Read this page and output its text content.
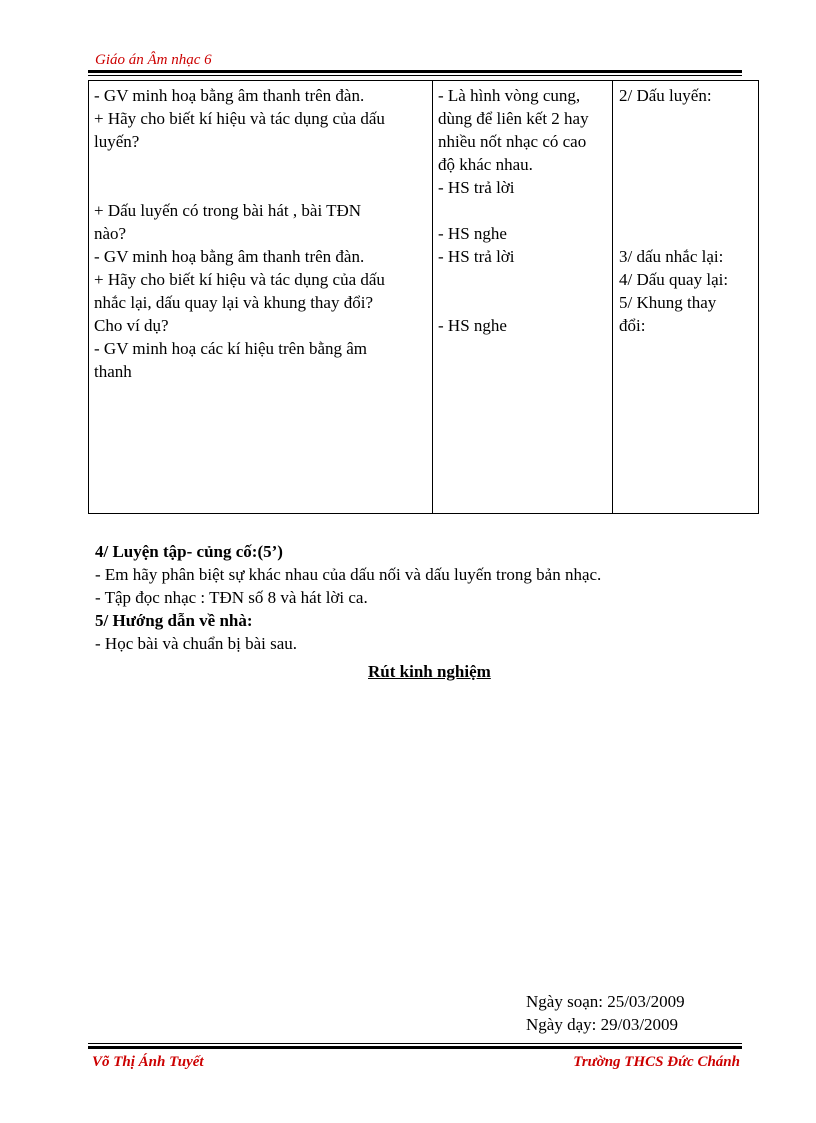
Giáo án Âm nhạc 6
- GV minh hoạ bằng âm thanh trên đàn.
+ Hãy cho biết kí hiệu và tác dụng của dấu
luyến?
+ Dấu luyến có trong bài hát , bài TĐN
nào?
- GV minh hoạ bằng âm thanh trên đàn.
+ Hãy cho biết kí hiệu và tác dụng của dấu
nhắc lại, dấu quay lại và khung thay đổi?
Cho ví dụ?
- GV minh hoạ các kí hiệu trên bằng âm
thanh
- Là hình vòng cung,
dùng để liên kết 2 hay
nhiều nốt nhạc có cao
độ khác nhau.
- HS trả lời
- HS nghe
- HS trả lời
- HS nghe
2/ Dấu luyến:
3/ dấu nhắc lại:
4/ Dấu quay lại:
5/ Khung thay
đổi:
4/ Luyện tập- củng cố:(5’)
- Em hãy phân biệt sự khác nhau của dấu nối và dấu luyến trong bản nhạc.
- Tập đọc nhạc : TĐN số 8 và hát lời ca.
5/ Hướng dẫn về nhà:
- Học bài và chuẩn bị bài sau.
Rút kinh nghiệm
Ngày soạn: 25/03/2009
Ngày dạy: 29/03/2009
Võ Thị Ánh Tuyết	Trường THCS Đức Chánh
